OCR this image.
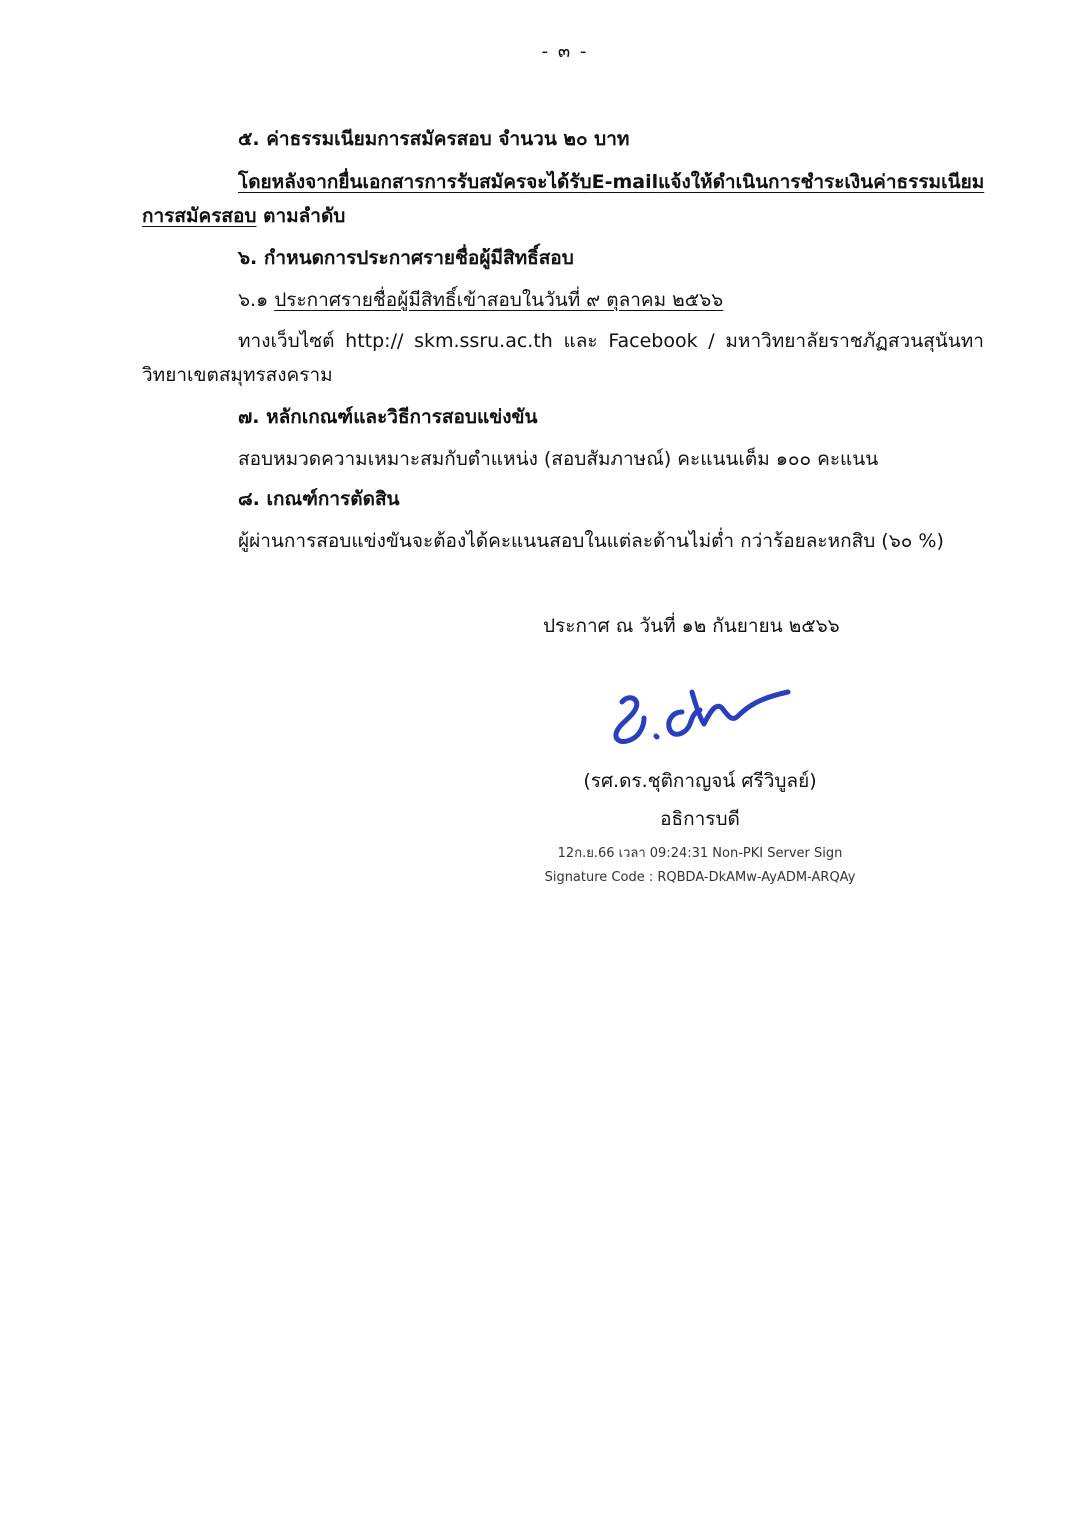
- ๓ -
๕. ค่าธรรมเนียมการสมัครสอบ จำนวน ๒๐ บาท
โดยหลังจากยื่นเอกสารการรับสมัคร จะได้รับ E-mail แจ้งให้ดำเนินการชำระเงินค่าธรรมเนียม
การสมัครสอบ ตามลำดับ
๖. กำหนดการประกาศรายชื่อผู้มีสิทธิ์สอบ
๖.๑ ประกาศรายชื่อผู้มีสิทธิ์เข้าสอบในวันที่ ๙ ตุลาคม ๒๕๖๖
ทางเว็บไซต์ http:// skm.ssru.ac.th และ Facebook / มหาวิทยาลัยราชภัฏสวนสุนันทา
วิทยาเขตสมุทรสงคราม
๗. หลักเกณฑ์และวิธีการสอบแข่งขัน
สอบหมวดความเหมาะสมกับตำแหน่ง (สอบสัมภาษณ์) คะแนนเต็ม ๑๐๐ คะแนน
๘. เกณฑ์การตัดสิน
ผู้ผ่านการสอบแข่งขันจะต้องได้คะแนนสอบในแต่ละด้านไม่ต่ำ กว่าร้อยละหกสิบ (๖๐ %)
ประกาศ ณ วันที่ ๑๒ กันยายน ๒๕๖๖
(รศ.ดร.ชุติกาญจน์ ศรีวิบูลย์)
อธิการบดี
12ก.ย.66 เวลา 09:24:31 Non-PKI Server Sign
Signature Code : RQBDA-DkAMw-AyADM-ARQAy
